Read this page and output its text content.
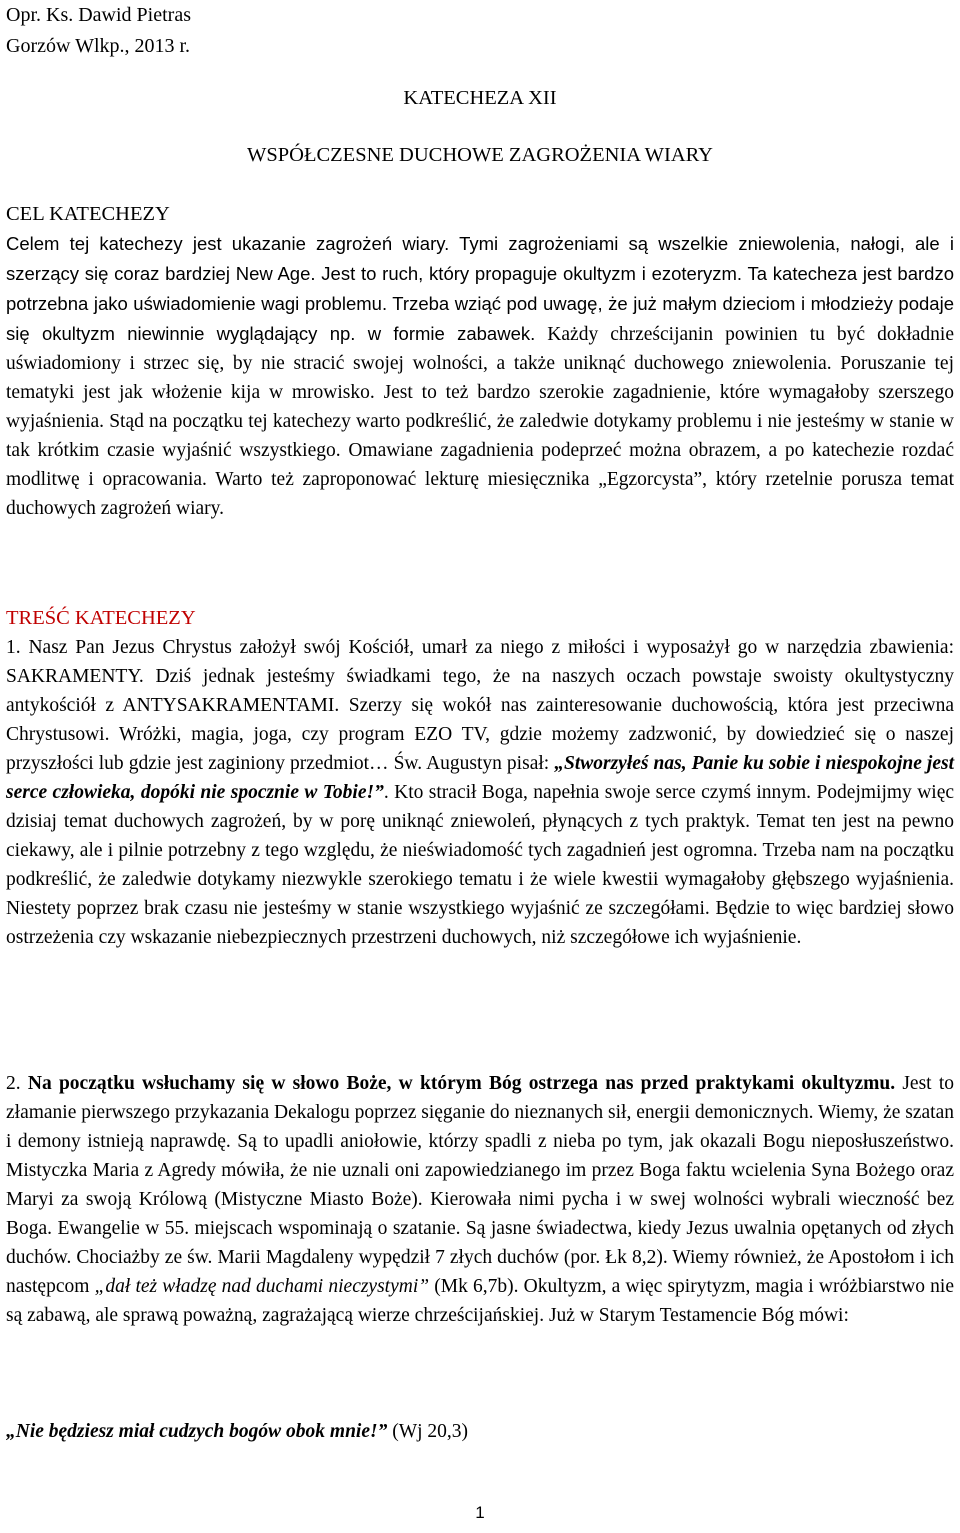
Opr. Ks. Dawid Pietras
Gorzów Wlkp., 2013 r.
KATECHEZA XII
WSPÓŁCZESNE DUCHOWE ZAGROŻENIA WIARY
CEL KATECHEZY
Celem tej katechezy jest ukazanie zagrożeń wiary. Tymi zagrożeniami są wszelkie zniewolenia, nałogi, ale i szerzący się coraz bardziej New Age. Jest to ruch, który propaguje okultyzm i ezoteryzm. Ta katecheza jest bardzo potrzebna jako uświadomienie wagi problemu. Trzeba wziąć pod uwagę, że już małym dzieciom i młodzieży podaje się okultyzm niewinnie wyglądający np. w formie zabawek. Każdy chrześcijanin powinien tu być dokładnie uświadomiony i strzec się, by nie stracić swojej wolności, a także uniknąć duchowego zniewolenia. Poruszanie tej tematyki jest jak włożenie kija w mrowisko. Jest to też bardzo szerokie zagadnienie, które wymagałoby szerszego wyjaśnienia. Stąd na początku tej katechezy warto podkreślić, że zaledwie dotykamy problemu i nie jesteśmy w stanie w tak krótkim czasie wyjaśnić wszystkiego. Omawiane zagadnienia podeprzeć można obrazem, a po katechezie rozdać modlitwę i opracowania. Warto też zaproponować lekturę miesięcznika „Egzorcysta”, który rzetelnie porusza temat duchowych zagrożeń wiary.
TREŚĆ KATECHEZY
1. Nasz Pan Jezus Chrystus założył swój Kościół, umarł za niego z miłości i wyposażył go w narzędzia zbawienia: SAKRAMENTY. Dziś jednak jesteśmy świadkami tego, że na naszych oczach powstaje swoisty okultystyczny antykościół z ANTYSAKRAMENTAMI. Szerzy się wokół nas zainteresowanie duchowością, która jest przeciwna Chrystusowi. Wróżki, magia, joga, czy program EZO TV, gdzie możemy zadzwonić, by dowiedzieć się o naszej przyszłości lub gdzie jest zaginiony przedmiot… Św. Augustyn pisał: „Stworzyłeś nas, Panie ku sobie i niespokojne jest serce człowieka, dopóki nie spocznie w Tobie!”. Kto stracił Boga, napełnia swoje serce czymś innym. Podejmijmy więc dzisiaj temat duchowych zagrożeń, by w porę uniknąć zniewoleń, płynących z tych praktyk. Temat ten jest na pewno ciekawy, ale i pilnie potrzebny z tego względu, że nieświadomość tych zagadnień jest ogromna. Trzeba nam na początku podkreślić, że zaledwie dotykamy niezwykle szerokiego tematu i że wiele kwestii wymagałoby głębszego wyjaśnienia. Niestety poprzez brak czasu nie jesteśmy w stanie wszystkiego wyjaśnić ze szczegółami. Będzie to więc bardziej słowo ostrzeżenia czy wskazanie niebezpiecznych przestrzeni duchowych, niż szczegółowe ich wyjaśnienie.
2. Na początku wsłuchamy się w słowo Boże, w którym Bóg ostrzega nas przed praktykami okultyzmu. Jest to złamanie pierwszego przykazania Dekalogu poprzez sięganie do nieznanych sił, energii demonicznych. Wiemy, że szatan i demony istnieją naprawdę. Są to upadli aniołowie, którzy spadli z nieba po tym, jak okazali Bogu nieposłuszeństwo. Mistyczka Maria z Agredy mówiła, że nie uznali oni zapowiedzianego im przez Boga faktu wcielenia Syna Bożego oraz Maryi za swoją Królową (Mistyczne Miasto Boże). Kierowała nimi pycha i w swej wolności wybrali wieczność bez Boga. Ewangelie w 55. miejscach wspominają o szatanie. Są jasne świadectwa, kiedy Jezus uwalnia opętanych od złych duchów. Chociażby ze św. Marii Magdaleny wypędził 7 złych duchów (por. Łk 8,2). Wiemy również, że Apostołom i ich następcom „dał też władzę nad duchami nieczystymi” (Mk 6,7b). Okultyzm, a więc spirytyzm, magia i wróżbiarstwo nie są zabawą, ale sprawą poważną, zagrażającą wierze chrześcijańskiej. Już w Starym Testamencie Bóg mówi:
„Nie będziesz miał cudzych bogów obok mnie!” (Wj 20,3)
1
